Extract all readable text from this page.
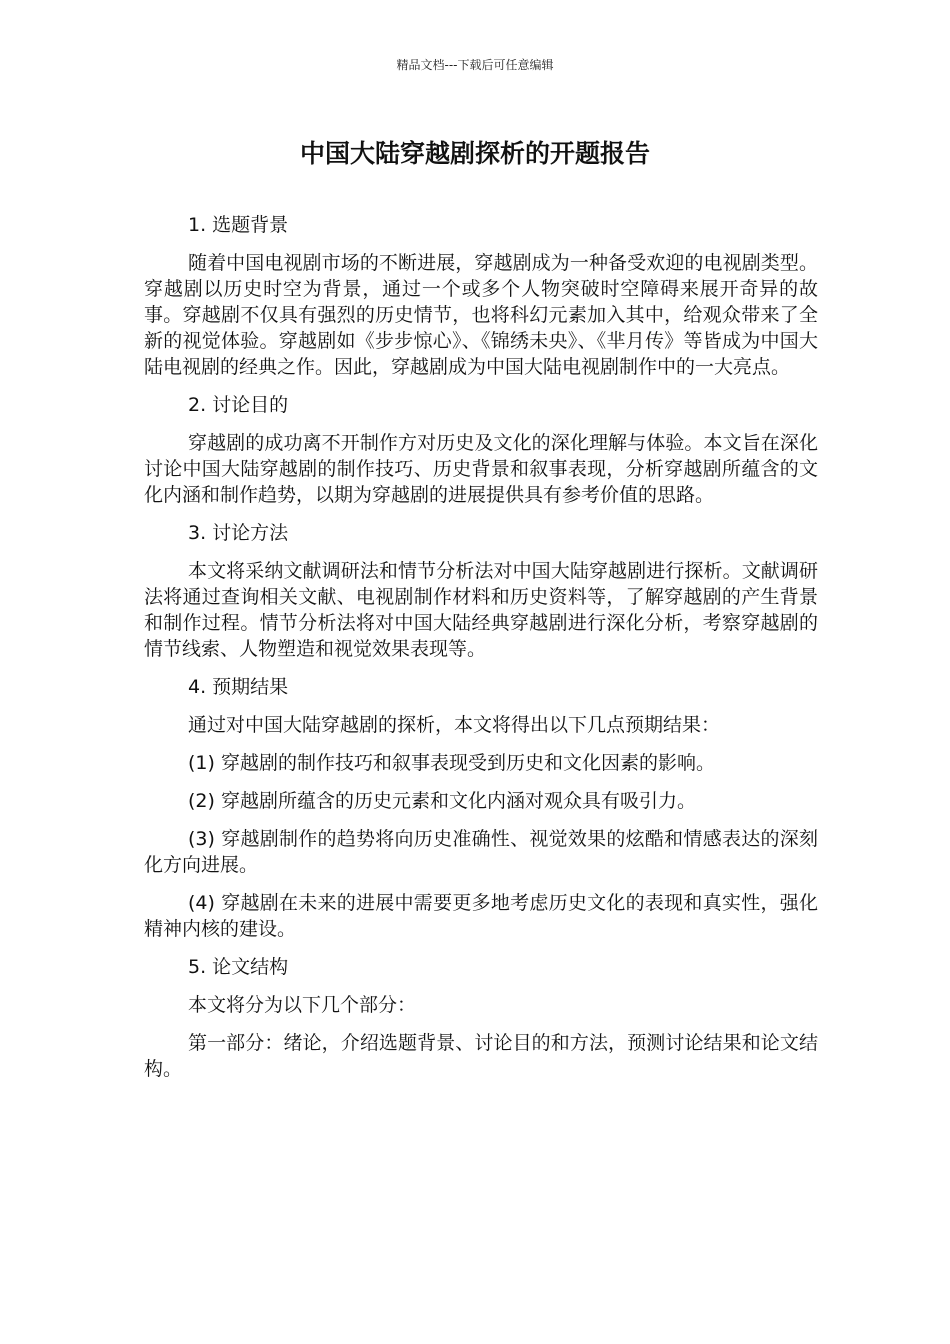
精品文档---下载后可任意编辑
中国大陆穿越剧探析的开题报告
1. 选题背景
随着中国电视剧市场的不断进展，穿越剧成为一种备受欢迎的电视剧类型。穿越剧以历史时空为背景，通过一个或多个人物突破时空障碍来展开奇异的故事。穿越剧不仅具有强烈的历史情节，也将科幻元素加入其中，给观众带来了全新的视觉体验。穿越剧如《步步惊心》、《锦绣未央》、《芈月传》等皆成为中国大陆电视剧的经典之作。因此，穿越剧成为中国大陆电视剧制作中的一大亮点。
2. 讨论目的
穿越剧的成功离不开制作方对历史及文化的深化理解与体验。本文旨在深化讨论中国大陆穿越剧的制作技巧、历史背景和叙事表现，分析穿越剧所蕴含的文化内涵和制作趋势，以期为穿越剧的进展提供具有参考价值的思路。
3. 讨论方法
本文将采纳文献调研法和情节分析法对中国大陆穿越剧进行探析。文献调研法将通过查询相关文献、电视剧制作材料和历史资料等，了解穿越剧的产生背景和制作过程。情节分析法将对中国大陆经典穿越剧进行深化分析，考察穿越剧的情节线索、人物塑造和视觉效果表现等。
4. 预期结果
通过对中国大陆穿越剧的探析，本文将得出以下几点预期结果：
(1) 穿越剧的制作技巧和叙事表现受到历史和文化因素的影响。
(2) 穿越剧所蕴含的历史元素和文化内涵对观众具有吸引力。
(3) 穿越剧制作的趋势将向历史准确性、视觉效果的炫酷和情感表达的深刻化方向进展。
(4) 穿越剧在未来的进展中需要更多地考虑历史文化的表现和真实性，强化精神内核的建设。
5. 论文结构
本文将分为以下几个部分：
第一部分：绪论，介绍选题背景、讨论目的和方法，预测讨论结果和论文结构。
